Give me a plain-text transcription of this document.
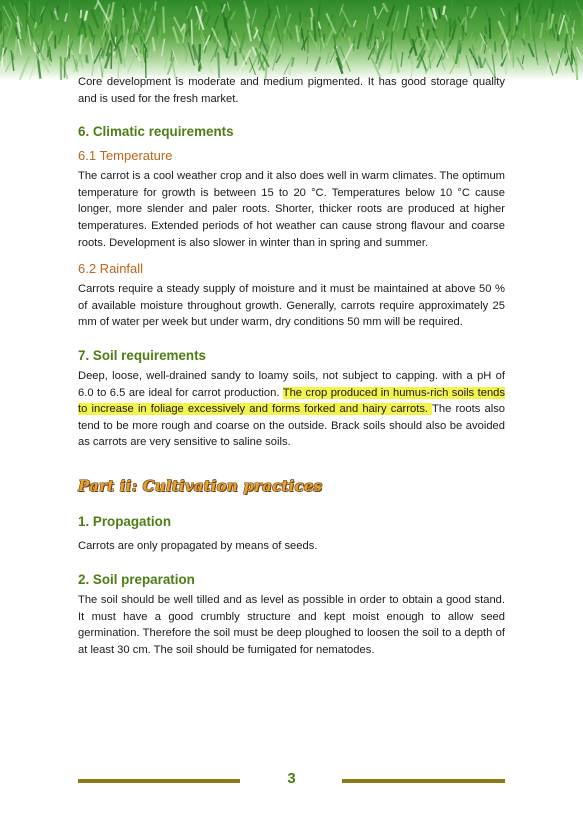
Core development is moderate and medium pigmented. It has good storage quality and is used for the fresh market.

6. Climatic requirements
6.1 Temperature

The carrot is a cool weather crop and it also does well in warm climates. The optimum temperature for growth is between 15 to 20 °C. Temperatures below 10 °C cause longer, more slender and paler roots. Shorter, thicker roots are produced at higher temperatures. Extended periods of hot weather can cause strong flavour and coarse roots. Development is also slower in winter than in spring and summer.

6.2 Rainfall

Carrots require a steady supply of moisture and it must be maintained at above 50 % of available moisture throughout growth. Generally, carrots require approximately 25 mm of water per week but under warm, dry conditions 50 mm will be required.

7. Soil requirements

Deep, loose, well-drained sandy to loamy soils, not subject to capping. with a pH of 6.0 to 6.5 are ideal for carrot production. The crop produced in humus-rich soils tends to increase in foliage excessively and forms forked and hairy carrots. The roots also tend to be more rough and coarse on the outside. Brack soils should also be avoided as carrots are very sensitive to saline soils.

Part ii: Cultivation practices
1. Propagation

Carrots are only propagated by means of seeds.

2. Soil preparation

The soil should be well tilled and as level as possible in order to obtain a good stand. It must have a good crumbly structure and kept moist enough to allow seed germination. Therefore the soil must be deep ploughed to loosen the soil to a depth of at least 30 cm. The soil should be fumigated for nematodes.

3
